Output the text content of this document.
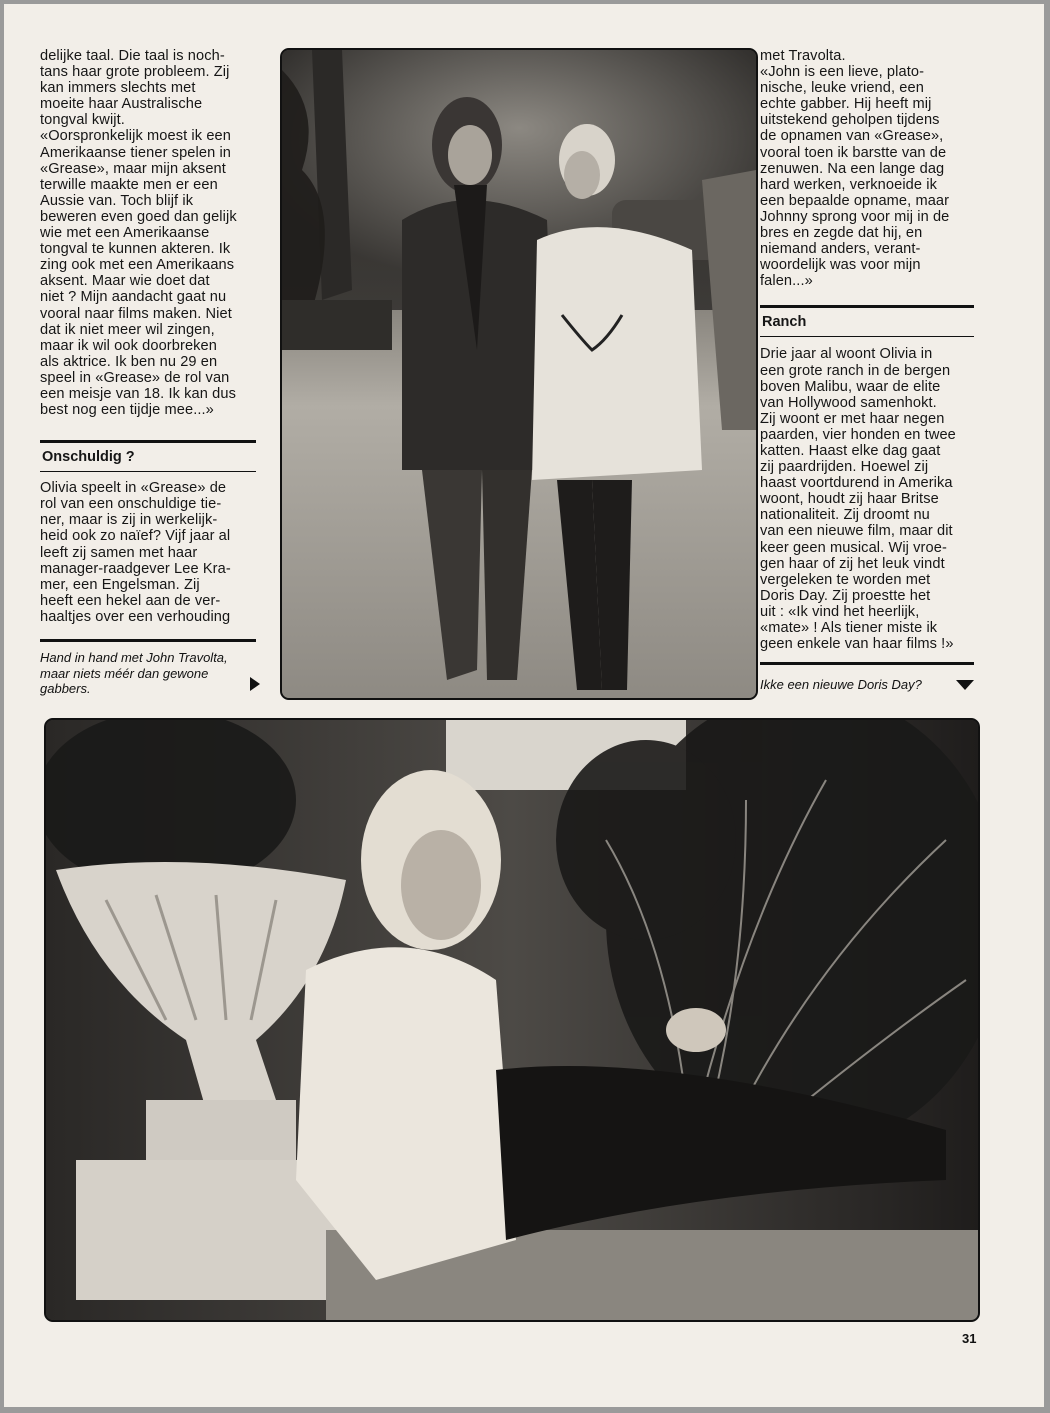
delijke taal. Die taal is noch-
tans haar grote probleem. Zij
kan immers slechts met
moeite haar Australische
tongval kwijt.

«Oorspronkelijk moest ik een
Amerikaanse tiener spelen in
«Grease», maar mijn aksent
terwille maakte men er een
Aussie van. Toch blijf ik
beweren even goed dan gelijk
wie met een Amerikaanse
tongval te kunnen akteren. Ik
zing ook met een Amerikaans
aksent. Maar wie doet dat
niet ? Mijn aandacht gaat nu
vooral naar films maken. Niet
dat ik niet meer wil zingen,
maar ik wil ook doorbreken
als aktrice. Ik ben nu 29 en
speel in «Grease» de rol van
een meisje van 18. Ik kan dus
best nog een tijdje mee...»

Onschuldig ?

Olivia speelt in «Grease» de
rol van een onschuldige tie-
ner, maar is zij in werkelijk-
heid ook zo naïef? Vijf jaar al
leeft zij samen met haar
manager-raadgever Lee Kra-
mer, een Engelsman. Zij
heeft een hekel aan de ver-
haaltjes over een verhouding

Hand in hand met John Travolta,
maar niets méér dan gewone
gabbers.

met Travolta.
«John is een lieve, plato-
nische, leuke vriend, een
echte gabber. Hij heeft mij
uitstekend geholpen tijdens
de opnamen van «Grease»,
vooral toen ik barstte van de
zenuwen. Na een lange dag
hard werken, verknoeide ik
een bepaalde opname, maar
Johnny sprong voor mij in de
bres en zegde dat hij, en
niemand anders, verant-
woordelijk was voor mijn
falen...»

Ranch

Drie jaar al woont Olivia in
een grote ranch in de bergen
boven Malibu, waar de elite
van Hollywood samenhokt.
Zij woont er met haar negen
paarden, vier honden en twee
katten. Haast elke dag gaat
zij paardrijden. Hoewel zij
haast voortdurend in Amerika
woont, houdt zij haar Britse
nationaliteit. Zij droomt nu
van een nieuwe film, maar dit
keer geen musical. Wij vroe-
gen haar of zij het leuk vindt
vergeleken te worden met
Doris Day. Zij proestte het
uit : «Ik vind het heerlijk,
«mate» ! Als tiener miste ik
geen enkele van haar films !»

Ikke een nieuwe Doris Day?
31
